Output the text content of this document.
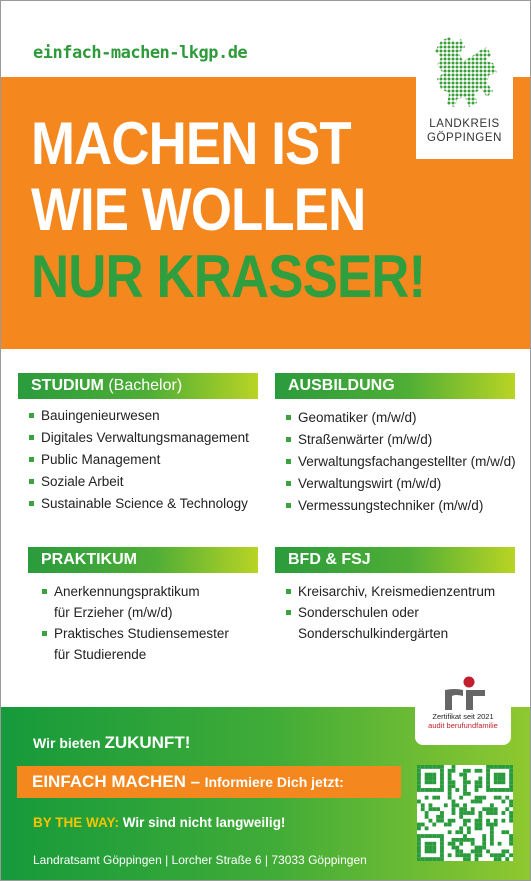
einfach-machen-lkgp.de
LANDKREIS
GÖPPINGEN
MACHEN IST
WIE WOLLEN
NUR KRASSER!
STUDIUM (Bachelor)
Bauingenieurwesen
Digitales Verwaltungsmanagement
Public Management
Soziale Arbeit
Sustainable Science & Technology
AUSBILDUNG
Geomatiker (m/w/d)
Straßenwärter (m/w/d)
Verwaltungsfachangestellter (m/w/d)
Verwaltungswirt (m/w/d)
Vermessungstechniker (m/w/d)
PRAKTIKUM
Anerkennungspraktikum
für Erzieher (m/w/d)
Praktisches Studiensemester
für Studierende
BFD & FSJ
Kreisarchiv, Kreismedienzentrum
Sonderschulen oder
Sonderschulkindergärten
Zertifikat seit 2021
audit berufundfamilie
Wir bieten ZUKUNFT!
EINFACH MACHEN – Informiere Dich jetzt:
BY THE WAY: Wir sind nicht langweilig!
Landratsamt Göppingen | Lorcher Straße 6 | 73033 Göppingen
